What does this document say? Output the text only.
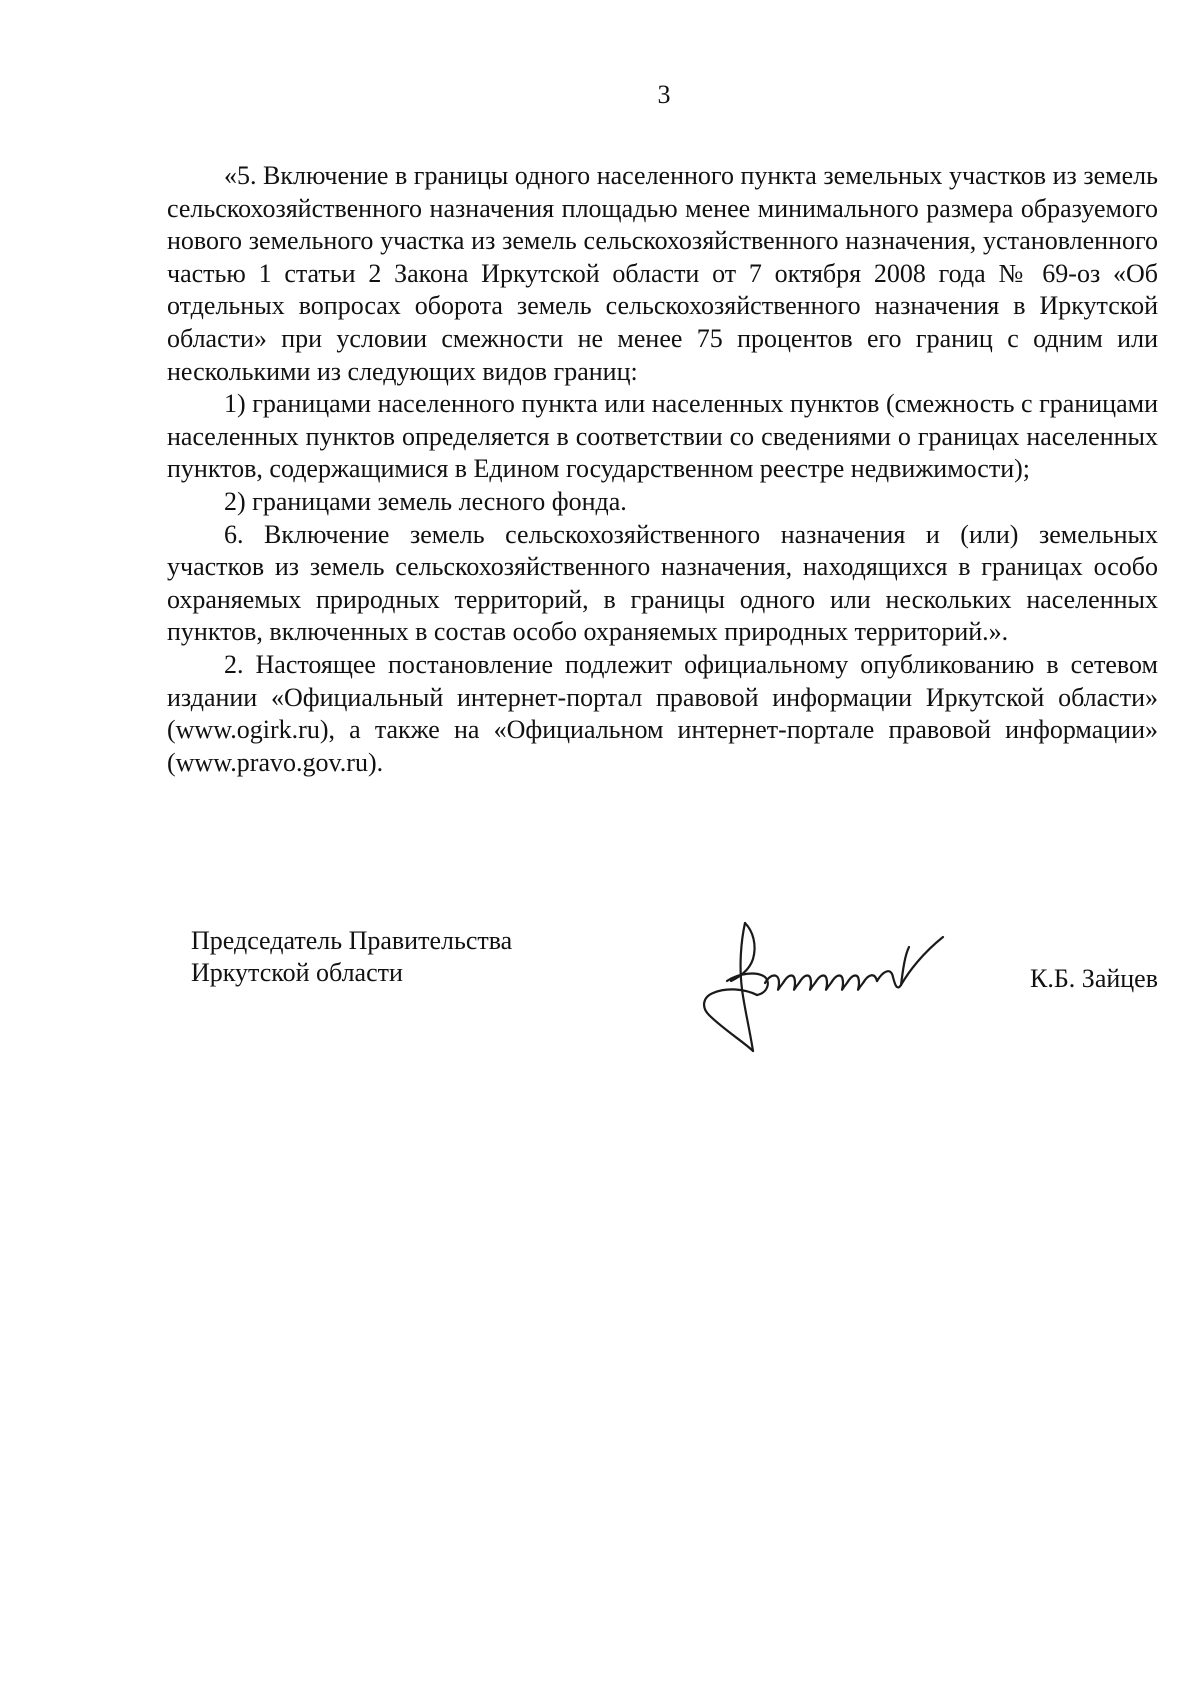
3

«5. Включение в границы одного населенного пункта земельных участков из земель сельскохозяйственного назначения площадью менее минимального размера образуемого нового земельного участка из земель сельскохозяйственного назначения, установленного частью 1 статьи 2 Закона Иркутской области от 7 октября 2008 года № 69-оз «Об отдельных вопросах оборота земель сельскохозяйственного назначения в Иркутской области» при условии смежности не менее 75 процентов его границ с одним или несколькими из следующих видов границ:

1) границами населенного пункта или населенных пунктов (смежность с границами населенных пунктов определяется в соответствии со сведениями о границах населенных пунктов, содержащимися в Едином государственном реестре недвижимости);

2) границами земель лесного фонда.

6. Включение земель сельскохозяйственного назначения и (или) земельных участков из земель сельскохозяйственного назначения, находящихся в границах особо охраняемых природных территорий, в границы одного или нескольких населенных пунктов, включенных в состав особо охраняемых природных территорий.».

2. Настоящее постановление подлежит официальному опубликованию в сетевом издании «Официальный интернет-портал правовой информации Иркутской области» (www.ogirk.ru), а также на «Официальном интернет-портале правовой информации» (www.pravo.gov.ru).

Председатель Правительства
Иркутской области	К.Б. Зайцев
